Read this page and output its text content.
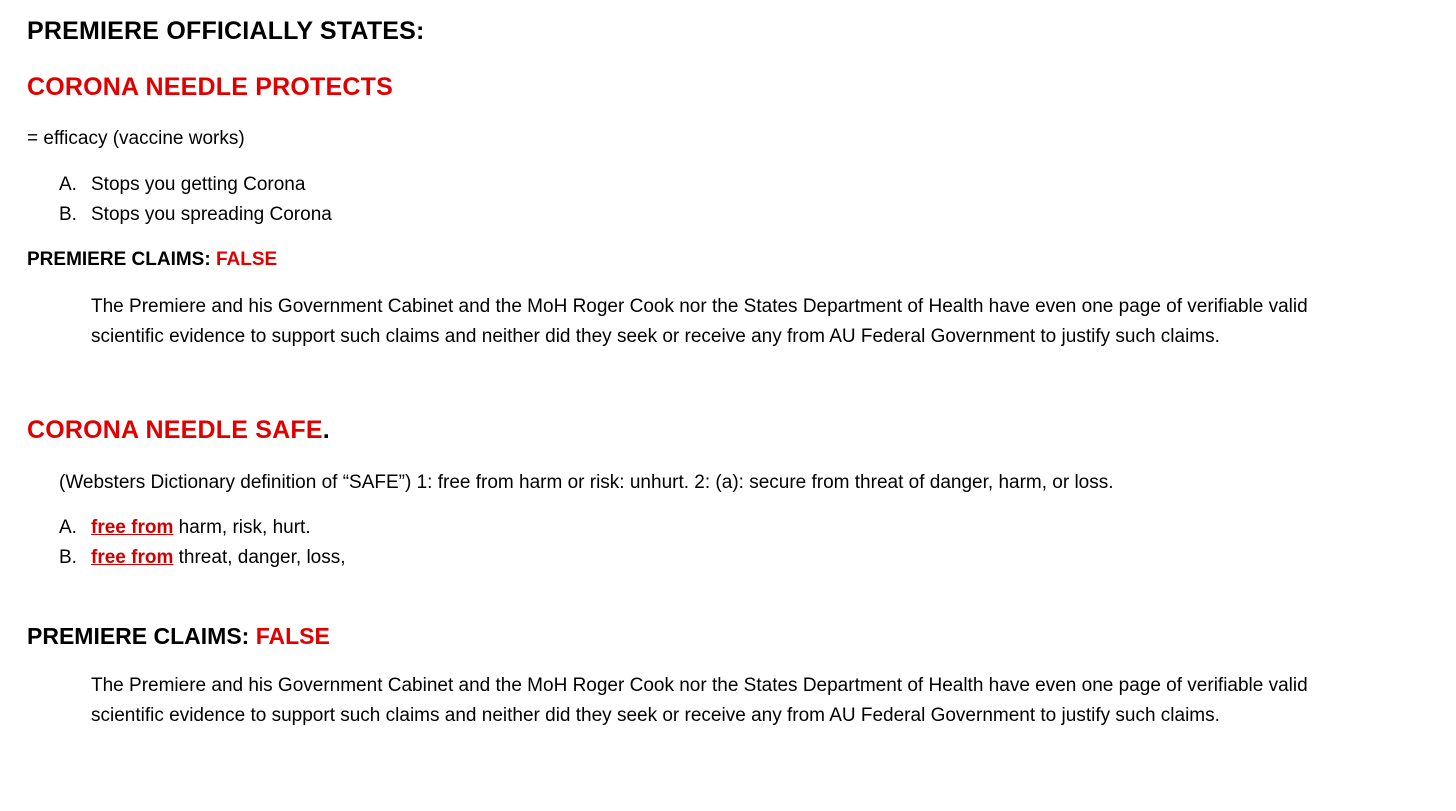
PREMIERE OFFICIALLY STATES:
CORONA NEEDLE PROTECTS
= efficacy (vaccine works)
A. Stops you getting Corona
B. Stops you spreading Corona
PREMIERE CLAIMS: FALSE
The Premiere and his Government Cabinet and the MoH Roger Cook nor the States Department of Health have even one page of verifiable valid
scientific evidence to support such claims and neither did they seek or receive any from AU Federal Government to justify such claims.
CORONA NEEDLE SAFE.
(Websters Dictionary definition of “SAFE”) 1: free from harm or risk: unhurt. 2: (a): secure from threat of danger, harm, or loss.
A. free from harm, risk, hurt.
B. free from threat, danger, loss,
PREMIERE CLAIMS: FALSE
The Premiere and his Government Cabinet and the MoH Roger Cook nor the States Department of Health have even one page of verifiable valid
scientific evidence to support such claims and neither did they seek or receive any from AU Federal Government to justify such claims.
